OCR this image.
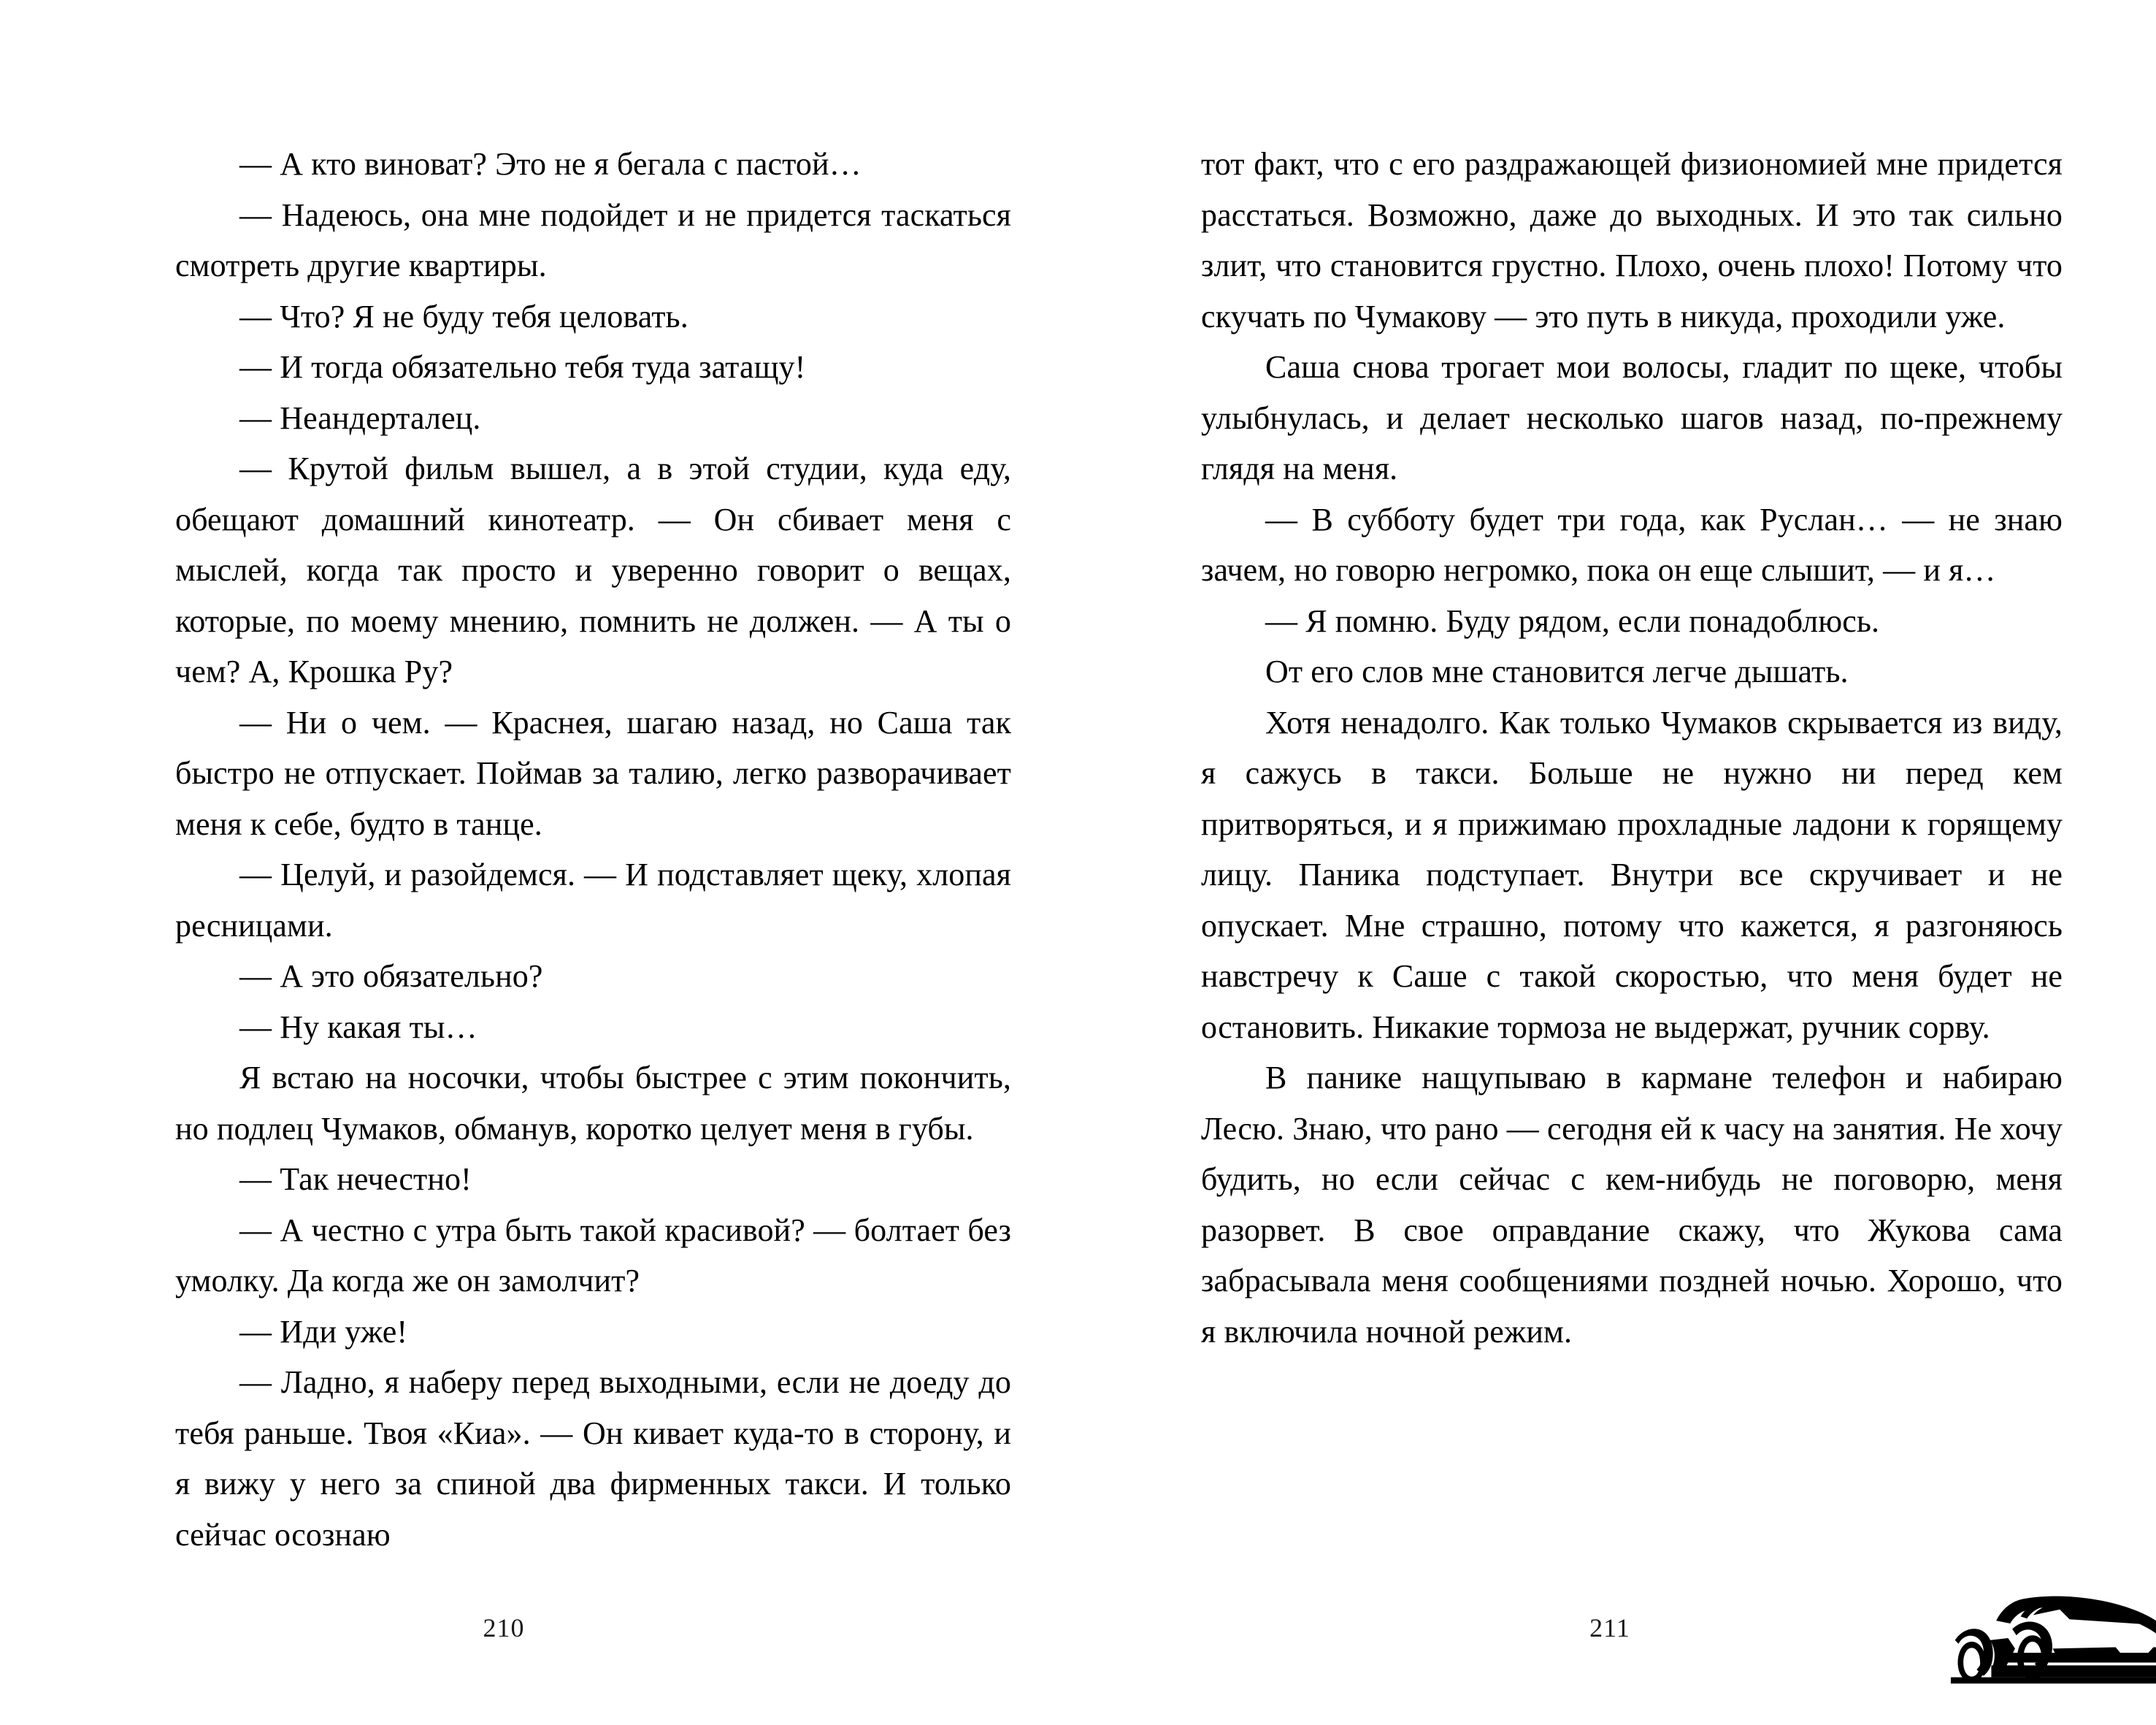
— А кто виноват? Это не я бегала с пастой…

— Надеюсь, она мне подойдет и не придется таскаться смотреть другие квартиры.

— Что? Я не буду тебя целовать.

— И тогда обязательно тебя туда затащу!

— Неандерталец.

— Крутой фильм вышел, а в этой студии, куда еду, обещают домашний кинотеатр. — Он сбивает меня с мыслей, когда так просто и уверенно говорит о вещах, которые, по моему мнению, помнить не должен. — А ты о чем? А, Крошка Ру?

— Ни о чем. — Краснея, шагаю назад, но Саша так быстро не отпускает. Поймав за талию, легко разворачивает меня к себе, будто в танце.

— Целуй, и разойдемся. — И подставляет щеку, хлопая ресницами.

— А это обязательно?

— Ну какая ты…

Я встаю на носочки, чтобы быстрее с этим покончить, но подлец Чумаков, обманув, коротко целует меня в губы.

— Так нечестно!

— А честно с утра быть такой красивой? — болтает без умолку. Да когда же он замолчит?

— Иди уже!

— Ладно, я наберу перед выходными, если не доеду до тебя раньше. Твоя «Киа». — Он кивает куда-то в сторону, и я вижу у него за спиной два фирменных такси. И только сейчас осознаю

210

тот факт, что с его раздражающей физиономией мне придется расстаться. Возможно, даже до выходных. И это так сильно злит, что становится грустно. Плохо, очень плохо! Потому что скучать по Чумакову — это путь в никуда, проходили уже.

Саша снова трогает мои волосы, гладит по щеке, чтобы улыбнулась, и делает несколько шагов назад, по-прежнему глядя на меня.

— В субботу будет три года, как Руслан… — не знаю зачем, но говорю негромко, пока он еще слышит, — и я…

— Я помню. Буду рядом, если понадоблюсь.

От его слов мне становится легче дышать.

Хотя ненадолго. Как только Чумаков скрывается из виду, я сажусь в такси. Больше не нужно ни перед кем притворяться, и я прижимаю прохладные ладони к горящему лицу. Паника подступает. Внутри все скручивает и не опускает. Мне страшно, потому что кажется, я разгоняюсь навстречу к Саше с такой скоростью, что меня будет не остановить. Никакие тормоза не выдержат, ручник сорву.

В панике нащупываю в кармане телефон и набираю Лесю. Знаю, что рано — сегодня ей к часу на занятия. Не хочу будить, но если сейчас с кем-нибудь не поговорю, меня разорвет. В свое оправдание скажу, что Жукова сама забрасывала меня сообщениями поздней ночью. Хорошо, что я включила ночной режим.

211
